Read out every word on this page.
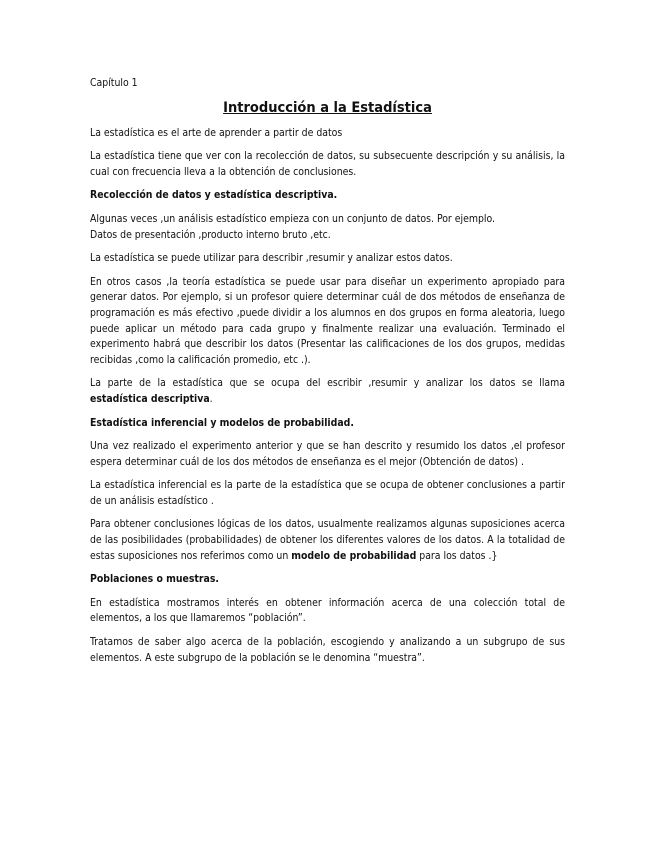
Capítulo 1
Introducción a la Estadística

La estadística es el arte de aprender a partir de datos

La estadística tiene que ver con la recolección de datos, su subsecuente descripción y su análisis, la cual con frecuencia lleva a la obtención de conclusiones.

Recolección de datos y estadística descriptiva.

Algunas veces ,un análisis estadístico empieza con un conjunto de datos. Por ejemplo.
Datos de presentación ,producto interno bruto ,etc.

La estadística se puede utilizar para describir ,resumir y analizar estos datos.

En otros casos ,la teoría estadística se puede usar para diseñar un experimento apropiado para generar datos. Por ejemplo, si un profesor quiere determinar cuál de dos métodos de enseñanza de programación es más efectivo ,puede dividir a los alumnos en dos grupos en forma aleatoria, luego puede aplicar un método para cada grupo y finalmente realizar una evaluación. Terminado el experimento habrá que describir los datos (Presentar las calificaciones de los dos grupos, medidas recibidas ,como la calificación promedio, etc .).

La parte de la estadística que se ocupa del escribir ,resumir y analizar los datos se llama estadística descriptiva.

Estadística inferencial y modelos de probabilidad.

Una vez realizado el experimento anterior y que se han descrito y resumido los datos ,el profesor espera determinar cuál de los dos métodos de enseñanza es el mejor (Obtención de datos) .

La estadística inferencial es la parte de la estadística que se ocupa de obtener conclusiones a partir de un análisis estadístico .

Para obtener conclusiones lógicas de los datos, usualmente realizamos algunas suposiciones acerca de las posibilidades (probabilidades) de obtener los diferentes valores de los datos. A la totalidad de estas suposiciones nos referimos como un modelo de probabilidad para los datos .}

Poblaciones o muestras.

En estadística mostramos interés en obtener información acerca de una colección total de elementos, a los que llamaremos “población”.

Tratamos de saber algo acerca de la población, escogiendo y analizando a un subgrupo de sus elementos. A este subgrupo de la población se le denomina “muestra”.
